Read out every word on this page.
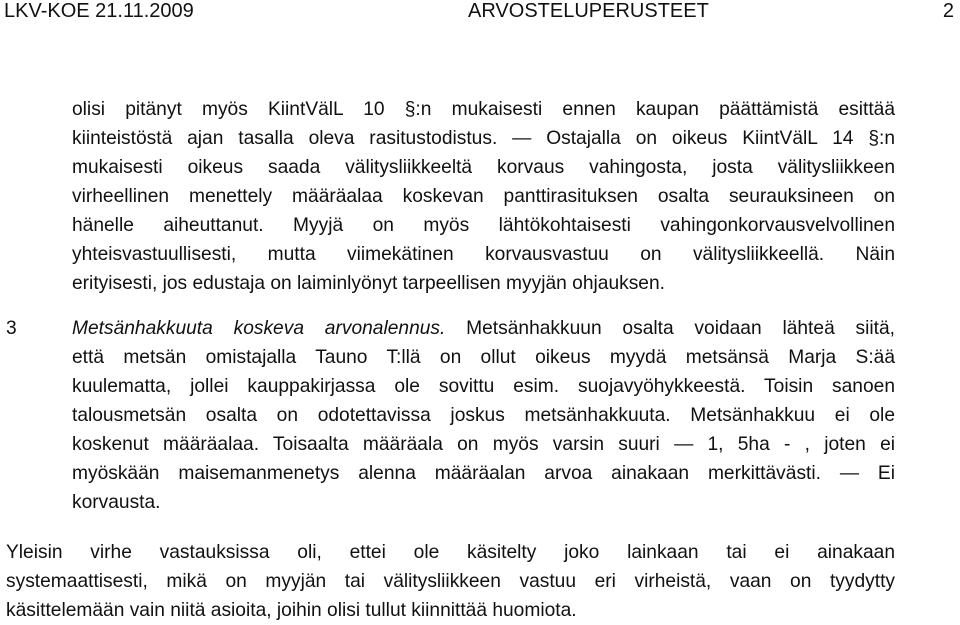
LKV-KOE 21.11.2009	ARVOSTELUPERUSTEET	2
olisi pitänyt myös KiintVälL 10 §:n mukaisesti ennen kaupan päättämistä esittää
kiinteistöstä ajan tasalla oleva rasitustodistus. — Ostajalla on oikeus KiintVälL 14 §:n
mukaisesti oikeus saada välitysliikkeeltä korvaus vahingosta, josta välitysliikkeen
virheellinen menettely määräalaa koskevan panttirasituksen osalta seurauksineen on
hänelle aiheuttanut. Myyjä on myös lähtökohtaisesti vahingonkorvausvelvollinen
yhteisvastuullisesti, mutta viimekätinen korvausvastuu on välitysliikkeellä. Näin
erityisesti, jos edustaja on laiminlyönyt tarpeellisen myyjän ohjauksen.
3	Metsänhakkuuta koskeva arvonalennus. Metsänhakkuun osalta voidaan lähteä siitä,
että metsän omistajalla Tauno T:llä on ollut oikeus myydä metsänsä Marja S:ää
kuulematta, jollei kauppakirjassa ole sovittu esim. suojavyöhykkeestä. Toisin sanoen
talousmetsän osalta on odotettavissa joskus metsänhakkuuta. Metsänhakkuu ei ole
koskenut määräalaa. Toisaalta määräala on myös varsin suuri — 1, 5ha - , joten ei
myöskään maisemanmenetys alenna määräalan arvoa ainakaan merkittävästi. — Ei
korvausta.
Yleisin virhe vastauksissa oli, ettei ole käsitelty joko lainkaan tai ei ainakaan
systemaattisesti, mikä on myyjän tai välitysliikkeen vastuu eri virheistä, vaan on tyydytty
käsittelemään vain niitä asioita, joihin olisi tullut kiinnittää huomiota.
